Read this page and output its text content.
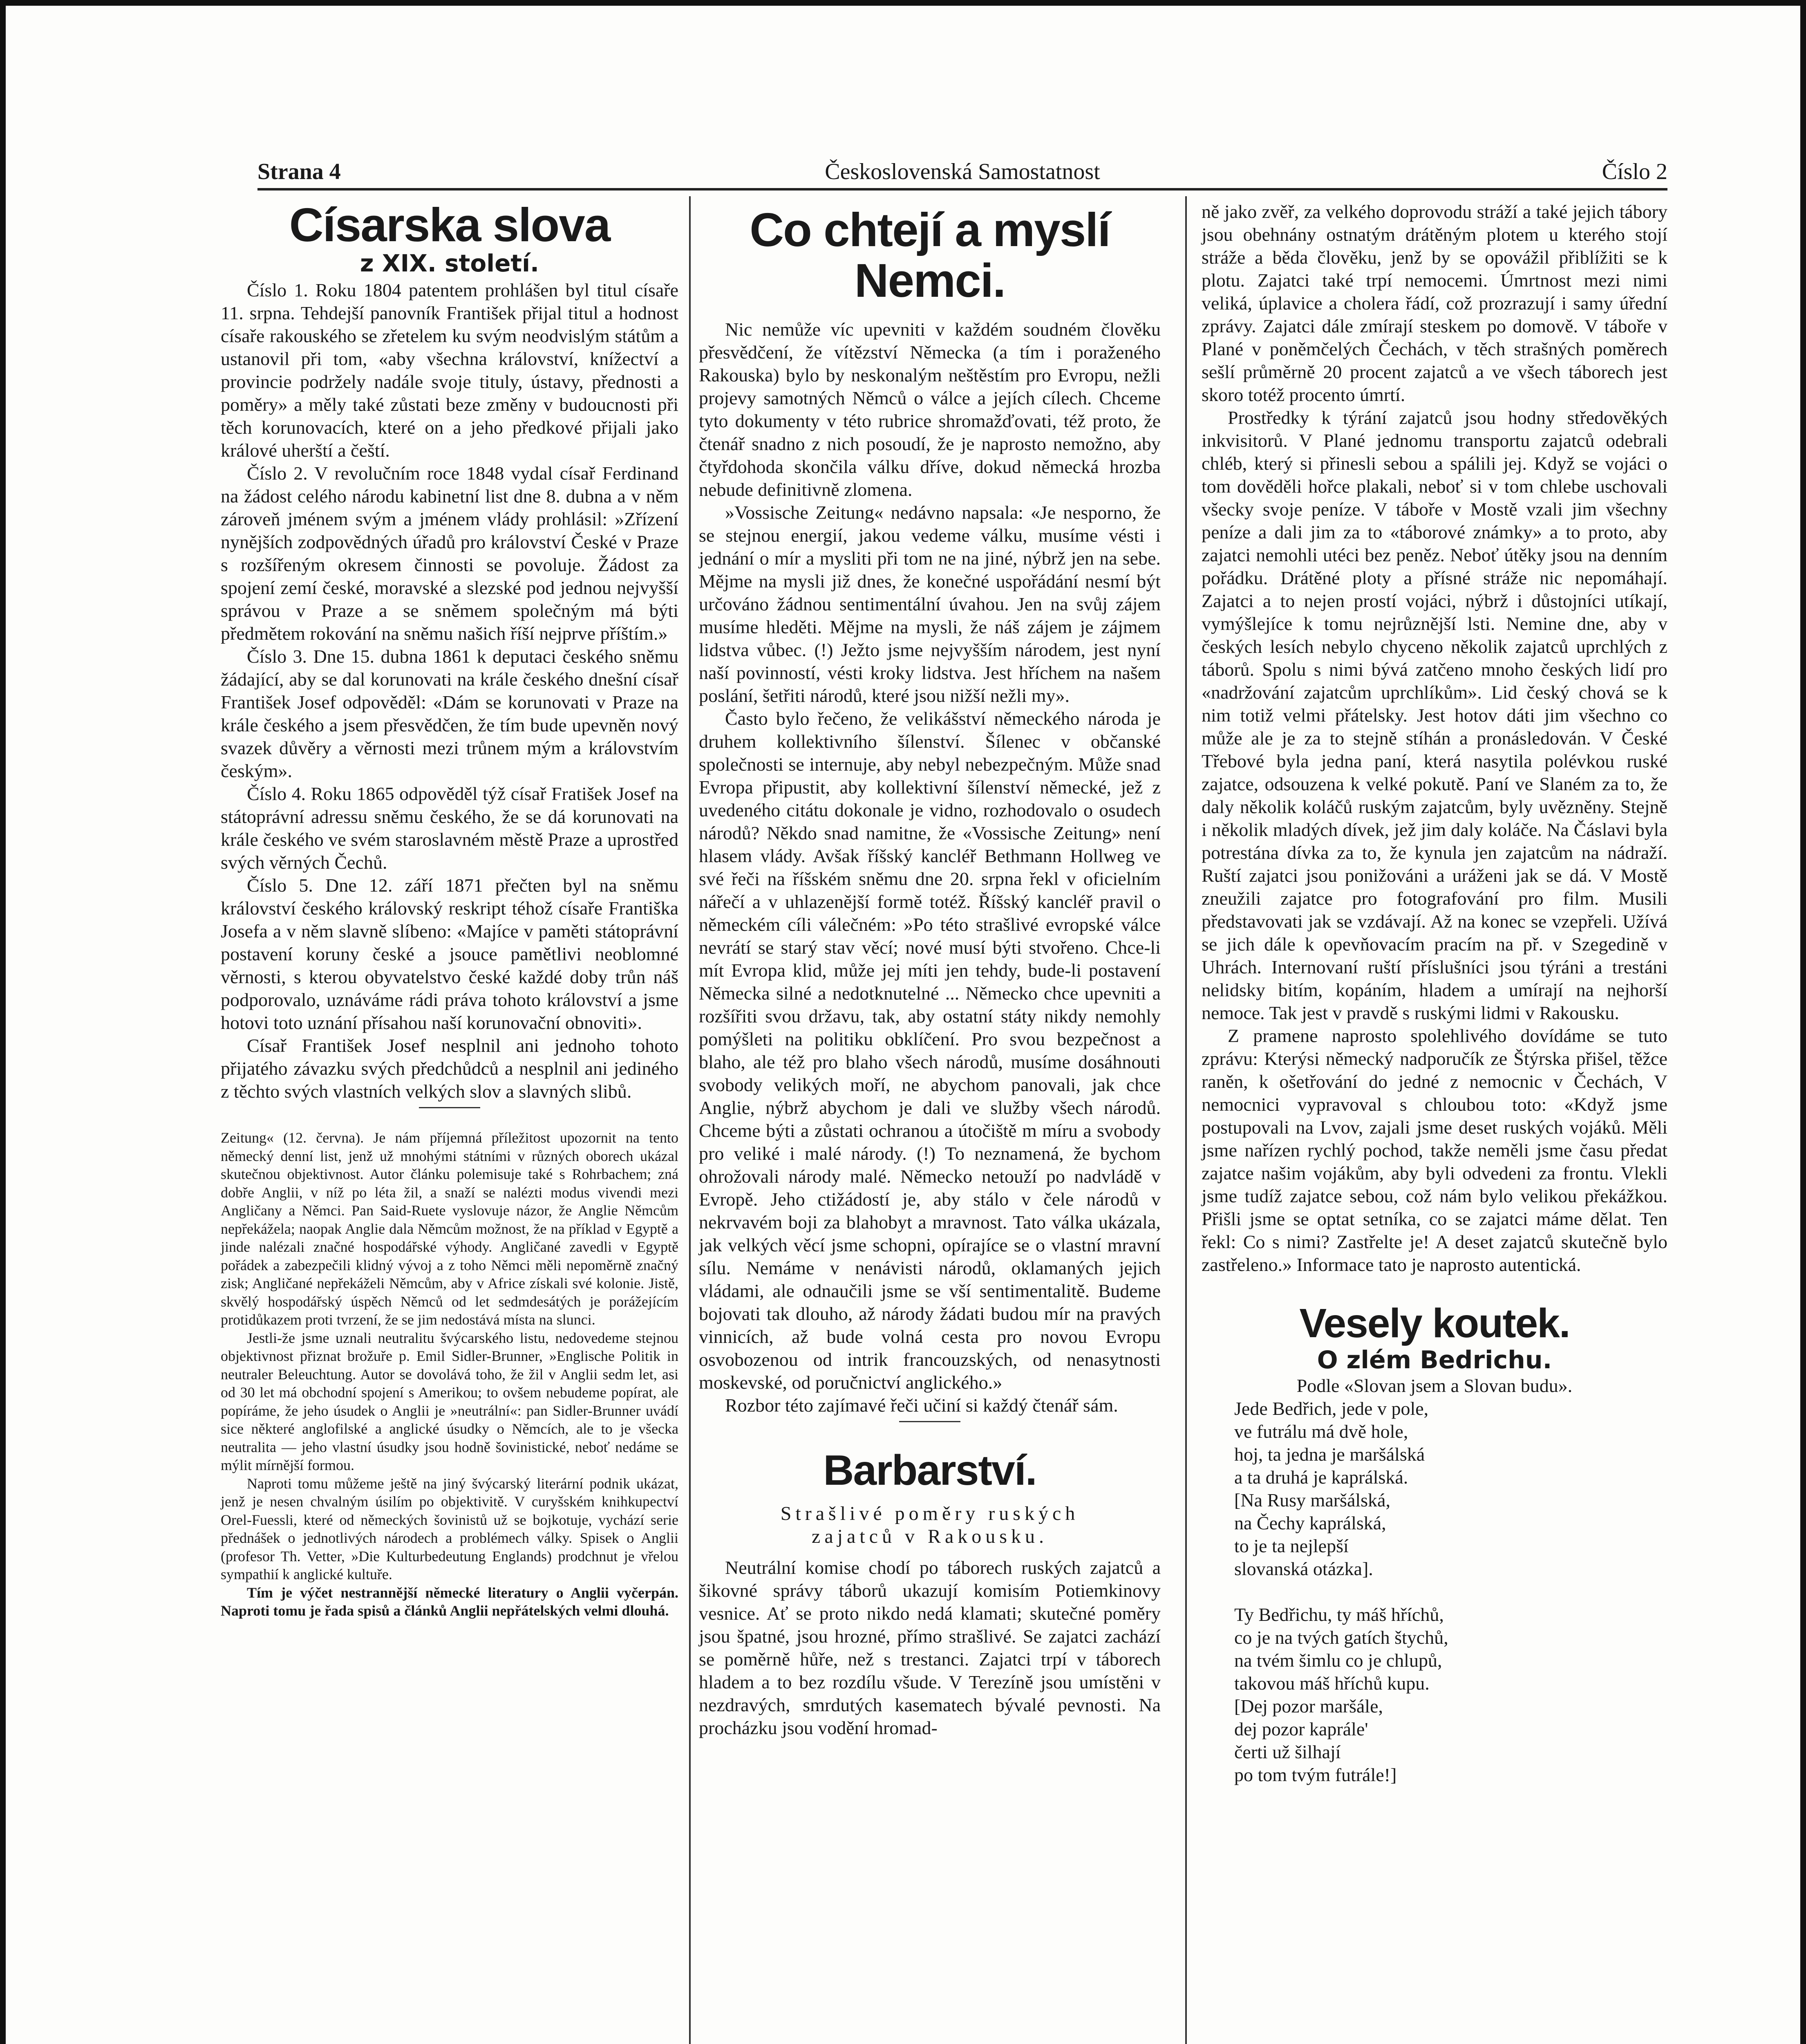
Strana 4	Československá Samostatnost	Číslo 2
Císarska slova

z XIX. století.

Číslo 1. Roku 1804 patentem prohlášen byl titul císaře 11. srpna. Tehdejší panovník František přijal titul a hodnost císaře rakouského se zřetelem ku svým neodvislým státům a ustanovil při tom, «aby všechna království, knížectví a provincie podržely nadále svoje tituly, ústavy, přednosti a poměry» a měly také zůstati beze změny v budoucnosti při těch korunovacích, které on a jeho předkové přijali jako králové uherští a čeští.

Číslo 2. V revolučním roce 1848 vydal císař Ferdinand na žádost celého národu kabinetní list dne 8. dubna a v něm zároveň jménem svým a jménem vlády prohlásil: »Zřízení nynějších zodpovědných úřadů pro království České v Praze s rozšířeným okresem činnosti se povoluje. Žádost za spojení zemí české, moravské a slezské pod jednou nejvyšší správou v Praze a se sněmem společným má býti předmětem rokování na sněmu našich říší nejprve příštím.»

Číslo 3. Dne 15. dubna 1861 k deputaci českého sněmu žádající, aby se dal korunovati na krále českého dnešní císař František Josef odpověděl: «Dám se korunovati v Praze na krále českého a jsem přesvědčen, že tím bude upevněn nový svazek důvěry a věrnosti mezi trůnem mým a královstvím českým».

Číslo 4. Roku 1865 odpověděl týž císař Fratišek Josef na státoprávní adressu sněmu českého, že se dá korunovati na krále českého ve svém staroslavném městě Praze a uprostřed svých věrných Čechů.

Číslo 5. Dne 12. září 1871 přečten byl na sněmu království českého královský reskript téhož císaře Františka Josefa a v něm slavně slíbeno: «Majíce v paměti státoprávní postavení koruny české a jsouce pamětlivi neoblomné věrnosti, s kterou obyvatelstvo české každé doby trůn náš podporovalo, uznáváme rádi práva tohoto království a jsme hotovi toto uznání přísahou naší korunovační obnoviti».

Císař František Josef nesplnil ani jednoho tohoto přijatého závazku svých předchůdců a nesplnil ani jediného z těchto svých vlastních velkých slov a slavných slibů.

Zeitung« (12. června). Je nám příjemná příležitost upozornit na tento německý denní list, jenž už mnohými státními v různých oborech ukázal skutečnou objektivnost. Autor článku polemisuje také s Rohrbachem; zná dobře Anglii, v níž po léta žil, a snaží se nalézti modus vivendi mezi Angličany a Němci. Pan Said-Ruete vyslovuje názor, že Anglie Němcům nepřekážela; naopak Anglie dala Němcům možnost, že na příklad v Egyptě a jinde nalézali značné hospodářské výhody. Angličané zavedli v Egyptě pořádek a zabezpečili klidný vývoj a z toho Němci měli nepoměrně značný zisk; Angličané nepřekáželi Němcům, aby v Africe získali své kolonie. Jistě, skvělý hospodářský úspěch Němců od let sedmdesátých je porážejícím protidůkazem proti tvrzení, že se jim nedostává místa na slunci.

Jestli-že jsme uznali neutralitu švýcarského listu, nedovedeme stejnou objektivnost přiznat brožuře p. Emil Sidler-Brunner, »Englische Politik in neutraler Beleuchtung. Autor se dovolává toho, že žil v Anglii sedm let, asi od 30 let má obchodní spojení s Amerikou; to ovšem nebudeme popírat, ale popíráme, že jeho úsudek o Anglii je »neutrální«: pan Sidler-Brunner uvádí sice některé anglofilské a anglické úsudky o Němcích, ale to je všecka neutralita — jeho vlastní úsudky jsou hodně šovinistické, neboť nedáme se mýlit mírnější formou.

Naproti tomu můžeme ještě na jiný švýcarský literární podnik ukázat, jenž je nesen chvalným úsilím po objektivitě. V curyšském knihkupectví Orel-Fuessli, které od německých šovinistů už se bojkotuje, vychází serie přednášek o jednotlivých národech a problémech války. Spisek o Anglii (profesor Th. Vetter, »Die Kulturbedeutung Englands) prodchnut je vřelou sympathií k anglické kultuře.

Tím je výčet nestrannější německé literatury o Anglii vyčerpán. Naproti tomu je řada spisů a článků Anglii nepřátelských velmi dlouhá.

Co chtejí a myslí
Nemci.

Nic nemůže víc upevniti v každém soudném člověku přesvědčení, že vítězství Německa (a tím i poraženého Rakouska) bylo by neskonalým neštěstím pro Evropu, nežli projevy samotných Němců o válce a jejích cílech. Chceme tyto dokumenty v této rubrice shromažďovati, též proto, že čtenář snadno z nich posoudí, že je naprosto nemožno, aby čtyřdohoda skončila válku dříve, dokud německá hrozba nebude definitivně zlomena.

»Vossische Zeitung« nedávno napsala: «Je nesporno, že se stejnou energií, jakou vedeme válku, musíme vésti i jednání o mír a mysliti při tom ne na jiné, nýbrž jen na sebe. Mějme na mysli již dnes, že konečné uspořádání nesmí být určováno žádnou sentimentální úvahou. Jen na svůj zájem musíme hleděti. Mějme na mysli, že náš zájem je zájmem lidstva vůbec. (!) Ježto jsme nejvyšším národem, jest nyní naší povinností, vésti kroky lidstva. Jest hříchem na našem poslání, šetřiti národů, které jsou nižší nežli my».

Často bylo řečeno, že velikášství německého národa je druhem kollektivního šílenství. Šílenec v občanské společnosti se internuje, aby nebyl nebezpečným. Může snad Evropa připustit, aby kollektivní šílenství německé, jež z uvedeného citátu dokonale je vidno, rozhodovalo o osudech národů? Někdo snad namitne, že «Vossische Zeitung» není hlasem vlády. Avšak říšský kancléř Bethmann Hollweg ve své řeči na říšském sněmu dne 20. srpna řekl v oficielním nářečí a v uhlazenější formě totéž. Říšský kancléř pravil o německém cíli válečném: »Po této strašlivé evropské válce nevrátí se starý stav věcí; nové musí býti stvořeno. Chce-li mít Evropa klid, může jej míti jen tehdy, bude-li postavení Německa silné a nedotknutelné ... Německo chce upevniti a rozšířiti svou državu, tak, aby ostatní státy nikdy nemohly pomýšleti na politiku obklíčení. Pro svou bezpečnost a blaho, ale též pro blaho všech národů, musíme dosáhnouti svobody velikých moří, ne abychom panovali, jak chce Anglie, nýbrž abychom je dali ve služby všech národů. Chceme býti a zůstati ochranou a útočiště m míru a svobody pro veliké i malé národy. (!) To neznamená, že bychom ohrožovali národy malé. Německo netouží po nadvládě v Evropě. Jeho ctižádostí je, aby stálo v čele národů v nekrvavém boji za blahobyt a mravnost. Tato válka ukázala, jak velkých věcí jsme schopni, opírajíce se o vlastní mravní sílu. Nemáme v nenávisti národů, oklamaných jejich vládami, ale odnaučili jsme se vší sentimentalitě. Budeme bojovati tak dlouho, až národy žádati budou mír na pravých vinnicích, až bude volná cesta pro novou Evropu osvobozenou od intrik francouzských, od nenasytnosti moskevské, od poručnictví anglického.»

Rozbor této zajímavé řeči učiní si každý čtenář sám.

Barbarství.

Strašlivé poměry ruských

zajatců v Rakousku.

Neutrální komise chodí po táborech ruských zajatců a šikovné správy táborů ukazují komisím Potiemkinovy vesnice. Ať se proto nikdo nedá klamati; skutečné poměry jsou špatné, jsou hrozné, přímo strašlivé. Se zajatci zachází se poměrně hůře, než s trestanci. Zajatci trpí v táborech hladem a to bez rozdílu všude. V Terezíně jsou umístěni v nezdravých, smrdutých kasematech bývalé pevnosti. Na procházku jsou vodění hromad-

ně jako zvěř, za velkého doprovodu stráží a také jejich tábory jsou obehnány ostnatým drátěným plotem u kterého stojí stráže a běda člověku, jenž by se opovážil přiblížiti se k plotu. Zajatci také trpí nemocemi. Úmrtnost mezi nimi veliká, úplavice a cholera řádí, což prozrazují i samy úřední zprávy. Zajatci dále zmírají steskem po domově. V táboře v Plané v poněmčelých Čechách, v těch strašných poměrech sešlí průměrně 20 procent zajatců a ve všech táborech jest skoro totéž procento úmrtí.

Prostředky k týrání zajatců jsou hodny středověkých inkvisitorů. V Plané jednomu transportu zajatců odebrali chléb, který si přinesli sebou a spálili jej. Když se vojáci o tom dověděli hořce plakali, neboť si v tom chlebe uschovali všecky svoje peníze. V táboře v Mostě vzali jim všechny peníze a dali jim za to «táborové známky» a to proto, aby zajatci nemohli utéci bez peněz. Neboť útěky jsou na denním pořádku. Drátěné ploty a přísné stráže nic nepomáhají. Zajatci a to nejen prostí vojáci, nýbrž i důstojníci utíkají, vymýšlejíce k tomu nejrůznější lsti. Nemine dne, aby v českých lesích nebylo chyceno několik zajatců uprchlých z táborů. Spolu s nimi bývá zatčeno mnoho českých lidí pro «nadržování zajatcům uprchlíkům». Lid český chová se k nim totiž velmi přátelsky. Jest hotov dáti jim všechno co může ale je za to stejně stíhán a pronásledován. V České Třebové byla jedna paní, která nasytila polévkou ruské zajatce, odsouzena k velké pokutě. Paní ve Slaném za to, že daly několik koláčů ruským zajatcům, byly uvězněny. Stejně i několik mladých dívek, jež jim daly koláče. Na Čáslavi byla potrestána dívka za to, že kynula jen zajatcům na nádraží. Ruští zajatci jsou ponižováni a uráženi jak se dá. V Mostě zneužili zajatce pro fotografování pro film. Musili představovati jak se vzdávají. Až na konec se vzepřeli. Užívá se jich dále k opevňovacím pracím na př. v Szegedině v Uhrách. Internovaní ruští příslušníci jsou týráni a trestáni nelidsky bitím, kopáním, hladem a umírají na nejhorší nemoce. Tak jest v pravdě s ruskými lidmi v Rakousku.

Z pramene naprosto spolehlivého dovídáme se tuto zprávu: Kterýsi německý nadporučík ze Štýrska přišel, těžce raněn, k ošetřování do jedné z nemocnic v Čechách, V nemocnici vypravoval s chloubou toto: «Když jsme postupovali na Lvov, zajali jsme deset ruských vojáků. Měli jsme nařízen rychlý pochod, takže neměli jsme času předat zajatce našim vojákům, aby byli odvedeni za frontu. Vlekli jsme tudíž zajatce sebou, což nám bylo velikou překážkou. Přišli jsme se optat setníka, co se zajatci máme dělat. Ten řekl: Co s nimi? Zastřelte je! A deset zajatců skutečně bylo zastřeleno.» Informace tato je naprosto autentická.

Vesely koutek.

O zlém Bedrichu.

Podle «Slovan jsem a Slovan budu».

Jede Bedřich, jede v pole,
ve futrálu má dvě hole,
hoj, ta jedna je maršálská
a ta druhá je kaprálská.
[Na Rusy maršálská,
na Čechy kaprálská,
to je ta nejlepší
slovanská otázka].
Ty Bedřichu, ty máš hříchů,
co je na tvých gatích štychů,
na tvém šimlu co je chlupů,
takovou máš hříchů kupu.
[Dej pozor maršále,
dej pozor kaprále'
čerti už šilhají
po tom tvým futrále!]
